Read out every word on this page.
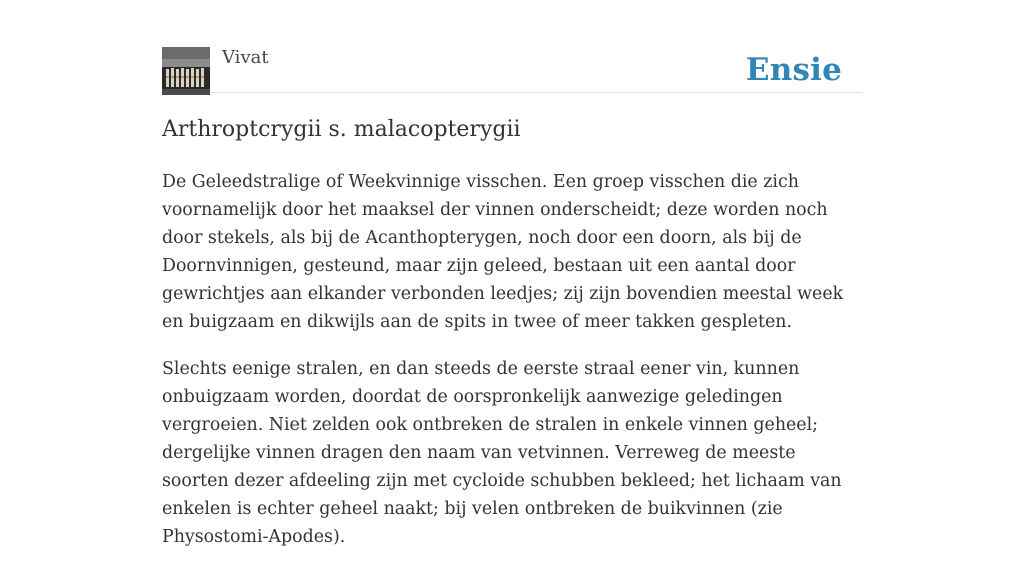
Vivat	Ensie
Arthroptcrygii s. malacopterygii

De Geleedstralige of Weekvinnige visschen. Een groep visschen die zich voornamelijk door het maaksel der vinnen onderscheidt; deze worden noch door stekels, als bij de Acanthopterygen, noch door een doorn, als bij de Doornvinnigen, gesteund, maar zijn geleed, bestaan uit een aantal door gewrichtjes aan elkander verbonden leedjes; zij zijn bovendien meestal week en buigzaam en dikwijls aan de spits in twee of meer takken gespleten.

Slechts eenige stralen, en dan steeds de eerste straal eener vin, kunnen onbuigzaam worden, doordat de oorspronkelijk aanwezige geledingen vergroeien. Niet zelden ook ontbreken de stralen in enkele vinnen geheel; dergelijke vinnen dragen den naam van vetvinnen. Verreweg de meeste soorten dezer afdeeling zijn met cycloide schubben bekleed; het lichaam van enkelen is echter geheel naakt; bij velen ontbreken de buikvinnen (zie Physostomi-Apodes).
